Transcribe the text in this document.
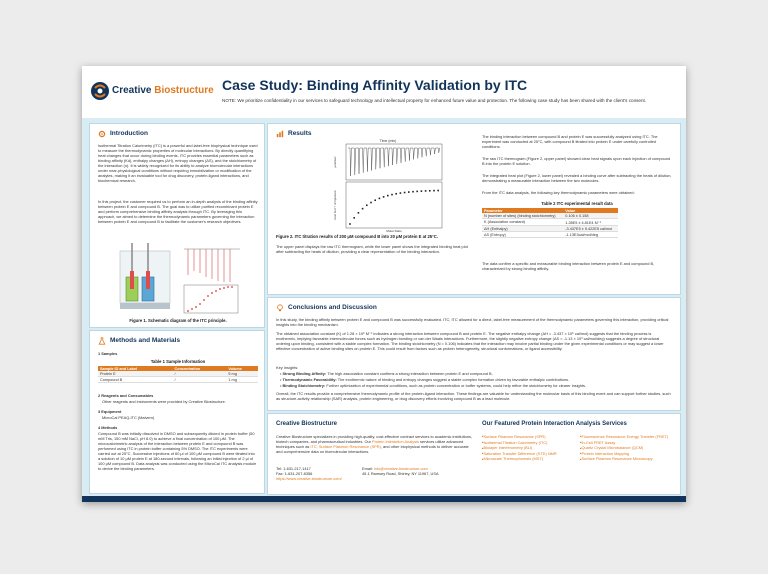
Creative Biostructure Case Study: Binding Affinity Validation by ITC
NOTE: We prioritize confidentiality in our services to safeguard technology and intellectual property for enhanced future value and protection. The following case study has been shared with the client's consent.
Introduction
Isothermal Titration Calorimetry (ITC) is a powerful and label-free biophysical technique used to measure the thermodynamic properties of molecular interactions. By directly quantifying heat changes that occur during binding events, ITC provides essential parameters such as binding affinity (Kd), enthalpy changes (ΔH), entropy changes (ΔS), and the stoichiometry of the interaction (n). It is widely recognized for its ability to analyze biomolecular interactions under near-physiological conditions without requiring immobilization or modification of the analytes, making it an invaluable tool for drug discovery, protein-ligand interactions, and biochemical research.
In this project, the customer required us to perform an in-depth analysis of the binding affinity between protein E and compound B. The goal was to utilize purified recombinant protein E and perform comprehensive binding affinity analysis through ITC. By leveraging this approach, we aimed to determine the thermodynamic parameters governing the interaction between protein E and compound B to facilitate the customer's research objectives.
Figure 1. Schematic diagram of the ITC principle.
Methods and Materials
1 Samples
Table 1 Sample Information
Sample ID and Label	Concentration	Volume
Protein E	/	5 mg
Compound B	/	1 mg
2 Reagents and Consumables
Other reagents and instruments were provided by Creative Biostructure.
3 Equipment
MicroCal PEAQ-ITC (Malvern)
4 Methods
Compound B was initially dissolved in DMSO and subsequently diluted in protein buffer (50 mM Tris, 150 mM NaCl, pH 8.0) to achieve a final concentration of 100 μM. The microcalorimetric analysis of the interaction between protein E and compound B was performed using ITC in protein buffer containing 5% DMSO. The ITC experiments were carried out at 25°C. Successive injections of 60 μl of 100 μM compound B were titrated into a solution of 10 μM protein E at 180-second intervals, following an initial injection of 2 μl of 100 μM compound B. Data analysis was conducted using the MicroCal ITC analysis module to derive the binding parameters.
Results
Time (min)
μcal/sec
kcal mol⁻¹ of injectant
Molar Ratio
Figure 2. ITC titration results of 200 μM compound B into 20 μM protein E at 25°C.
The upper panel displays the raw ITC thermogram, while the lower panel shows the integrated binding heat plot after subtracting the heats of dilution, providing a clear representation of the binding interaction.
The binding interaction between compound B and protein E was successfully analyzed using ITC. The experiment was conducted at 25°C, with compound B titrated into protein E under carefully controlled conditions.
The raw ITC thermogram (Figure 2, upper panel) showed clear heat signals upon each injection of compound B into the protein E solution.
The integrated heat plot (Figure 2, lower panel) revealed a binding curve after subtracting the heats of dilution, demonstrating a measurable interaction between the two molecules.
From the ITC data analysis, the following key thermodynamic parameters were obtained:
Table 2 ITC experimental result data
Parameter	Value
N (number of sites) (binding stoichiometry)	0.106 ± 0.158
K (Association constant)	1.28E5 ± 4.81E4 M⁻¹
ΔH (Enthalpy)	-3.437E5 ± 5.422E5 cal/mol
ΔS (Entropy)	-1.13E3cal/mol/deg
The data confirm a specific and measurable binding interaction between protein E and compound B, characterized by strong binding affinity.
Conclusions and Discussion
In this study, the binding affinity between protein E and compound B was successfully evaluated. ITC, ITC allowed for a direct, label-free measurement of the thermodynamic parameters governing this interaction, providing critical insights into the binding mechanism.
The obtained association constant (K) of 1.28 × 10⁵ M⁻¹ indicates a strong interaction between compound B and protein E. The negative enthalpy change (ΔH = -3.437 × 10⁵ cal/mol) suggests that the binding process is exothermic, implying favorable intermolecular forces such as hydrogen bonding or van der Waals interactions. Furthermore, the slightly negative entropy change (ΔS = -1.13 × 10³ cal/mol/deg) suggests a degree of structural ordering upon binding, consistent with a stable complex formation. The binding stoichiometry (N = 0.106) indicates that the interaction may involve partial binding under the given experimental conditions or may suggest a lower effective concentration of active binding sites on protein E. This could result from factors such as protein heterogeneity, structural conformations, or ligand accessibility.
Key Insights:
• Strong Binding Affinity: The high association constant confirms a strong interaction between protein E and compound B.
• Thermodynamic Favorability: The exothermic nature of binding and entropy changes suggest a stable complex formation driven by favorable enthalpic contributions.
• Binding Stoichiometry: Further optimization of experimental conditions, such as protein concentration or buffer systems, could help refine the stoichiometry for clearer insights.
Overall, the ITC results provide a comprehensive thermodynamic profile of the protein-ligand interaction. These findings are valuable for understanding the molecular basis of this binding event and can support further studies, such as structure-activity relationship (SAR) analysis, protein engineering, or drug discovery efforts involving compound B as a lead molecule.
Creative Biostructure
Creative Biostructure specializes in providing high-quality, cost-effective contract services to academic institutions, biotech companies, and pharmaceutical industries. Our Protein Interaction Analysis services utilize advanced techniques such as ITC, Surface Plasmon Resonance (SPR), and other biophysical methods to deliver accurate and comprehensive data on biomolecular interactions.
Tel: 1-631-217-1417
Fax: 1-631-207-8356
https://www.creative-biostructure.com/
Email: info@creative-biostructure.com
45-1 Ramsey Road, Shirley, NY 11967, USA
Our Featured Protein Interaction Analysis Services
■ Surface Plasmon Resonance (SPR)
■ Isothermal Titration Calorimetry (ITC)
■ Biolayer Interferometry (BLI)
■ Saturation Transfer Difference (STD) NMR
■ Microscale Thermophoresis (MST)
■ Fluorescence Resonance Energy Transfer (FRET)
■ In-Cell FRET Assay
■ Quartz Crystal Microbalance (QCM)
■ Protein Interaction Mapping
■ Surface Plasmon Resonance Microscopy
